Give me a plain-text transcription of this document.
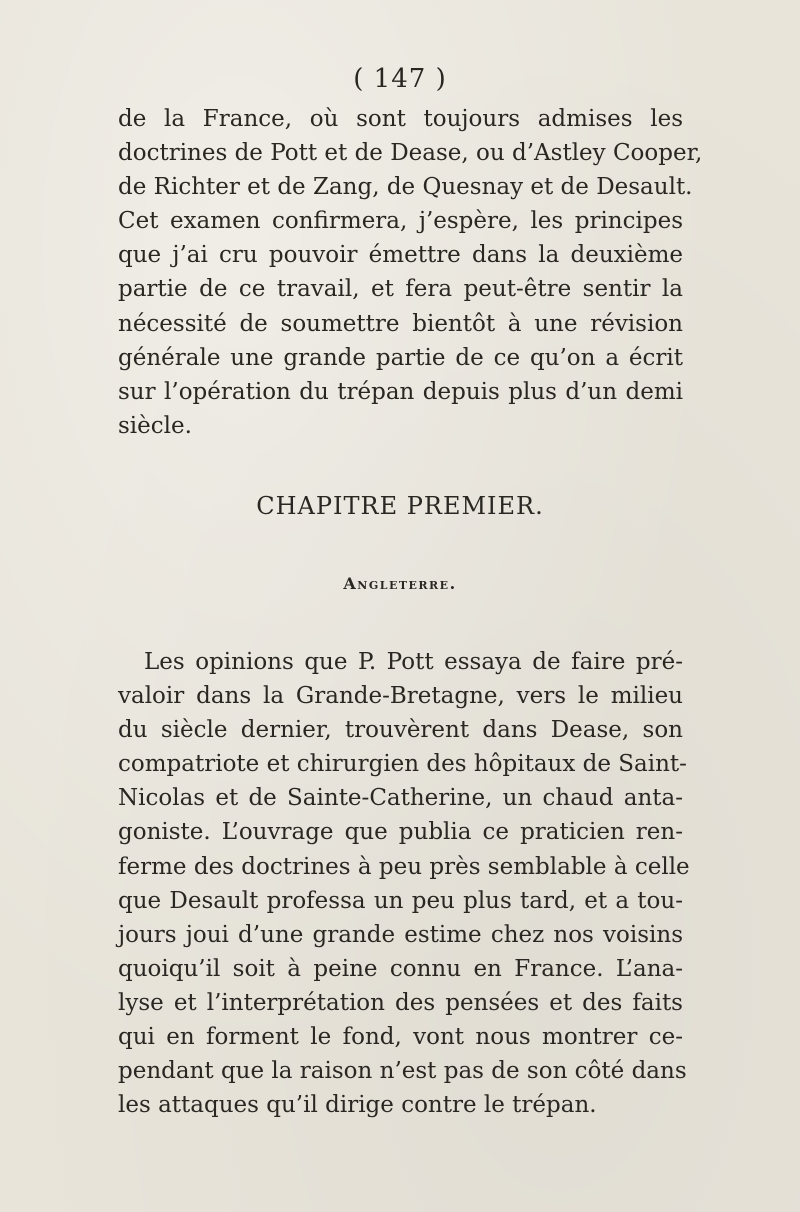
( 147 )
de la France, où sont toujours admises les
doctrines de Pott et de Dease, ou d’Astley Cooper,
de Richter et de Zang, de Quesnay et de Desault.
Cet examen confirmera, j’espère, les principes
que j’ai cru pouvoir émettre dans la deuxième
partie de ce travail, et fera peut-être sentir la
nécessité de soumettre bientôt à une révision
générale une grande partie de ce qu’on a écrit
sur l’opération du trépan depuis plus d’un demi
siècle.
CHAPITRE PREMIER.
Angleterre.
Les opinions que P. Pott essaya de faire pré-
valoir dans la Grande-Bretagne, vers le milieu
du siècle dernier, trouvèrent dans Dease, son
compatriote et chirurgien des hôpitaux de Saint-
Nicolas et de Sainte-Catherine, un chaud anta-
goniste. L’ouvrage que publia ce praticien ren-
ferme des doctrines à peu près semblable à celle
que Desault professa un peu plus tard, et a tou-
jours joui d’une grande estime chez nos voisins
quoiqu’il soit à peine connu en France. L’ana-
lyse et l’interprétation des pensées et des faits
qui en forment le fond, vont nous montrer ce-
pendant que la raison n’est pas de son côté dans
les attaques qu’il dirige contre le trépan.
